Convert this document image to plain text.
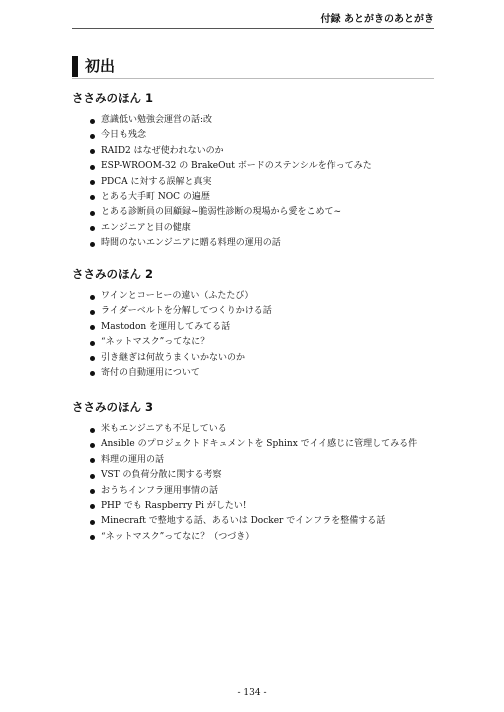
付録 あとがきのあとがき
初出
ささみのほん 1
意識低い勉強会運営の話:改
今日も残念
RAID2 はなぜ使われないのか
ESP-WROOM-32 の BrakeOut ボードのステンシルを作ってみた
PDCA に対する誤解と真実
とある大手町 NOC の遍歴
とある診断員の回顧録~脆弱性診断の現場から愛をこめて~
エンジニアと目の健康
時間のないエンジニアに贈る料理の運用の話
ささみのほん 2
ワインとコーヒーの違い（ふたたび）
ライダーベルトを分解してつくりかける話
Mastodon を運用してみてる話
“ネットマスク”ってなに？
引き継ぎは何故うまくいかないのか
寄付の自動運用について
ささみのほん 3
米もエンジニアも不足している
Ansible のプロジェクトドキュメントを Sphinx でイイ感じに管理してみる件
料理の運用の話
VST の負荷分散に関する考察
おうちインフラ運用事情の話
PHP でも Raspberry Pi がしたい!
Minecraft で整地する話、あるいは Docker でインフラを整備する話
“ネットマスク”ってなに？（つづき）
- 134 -
